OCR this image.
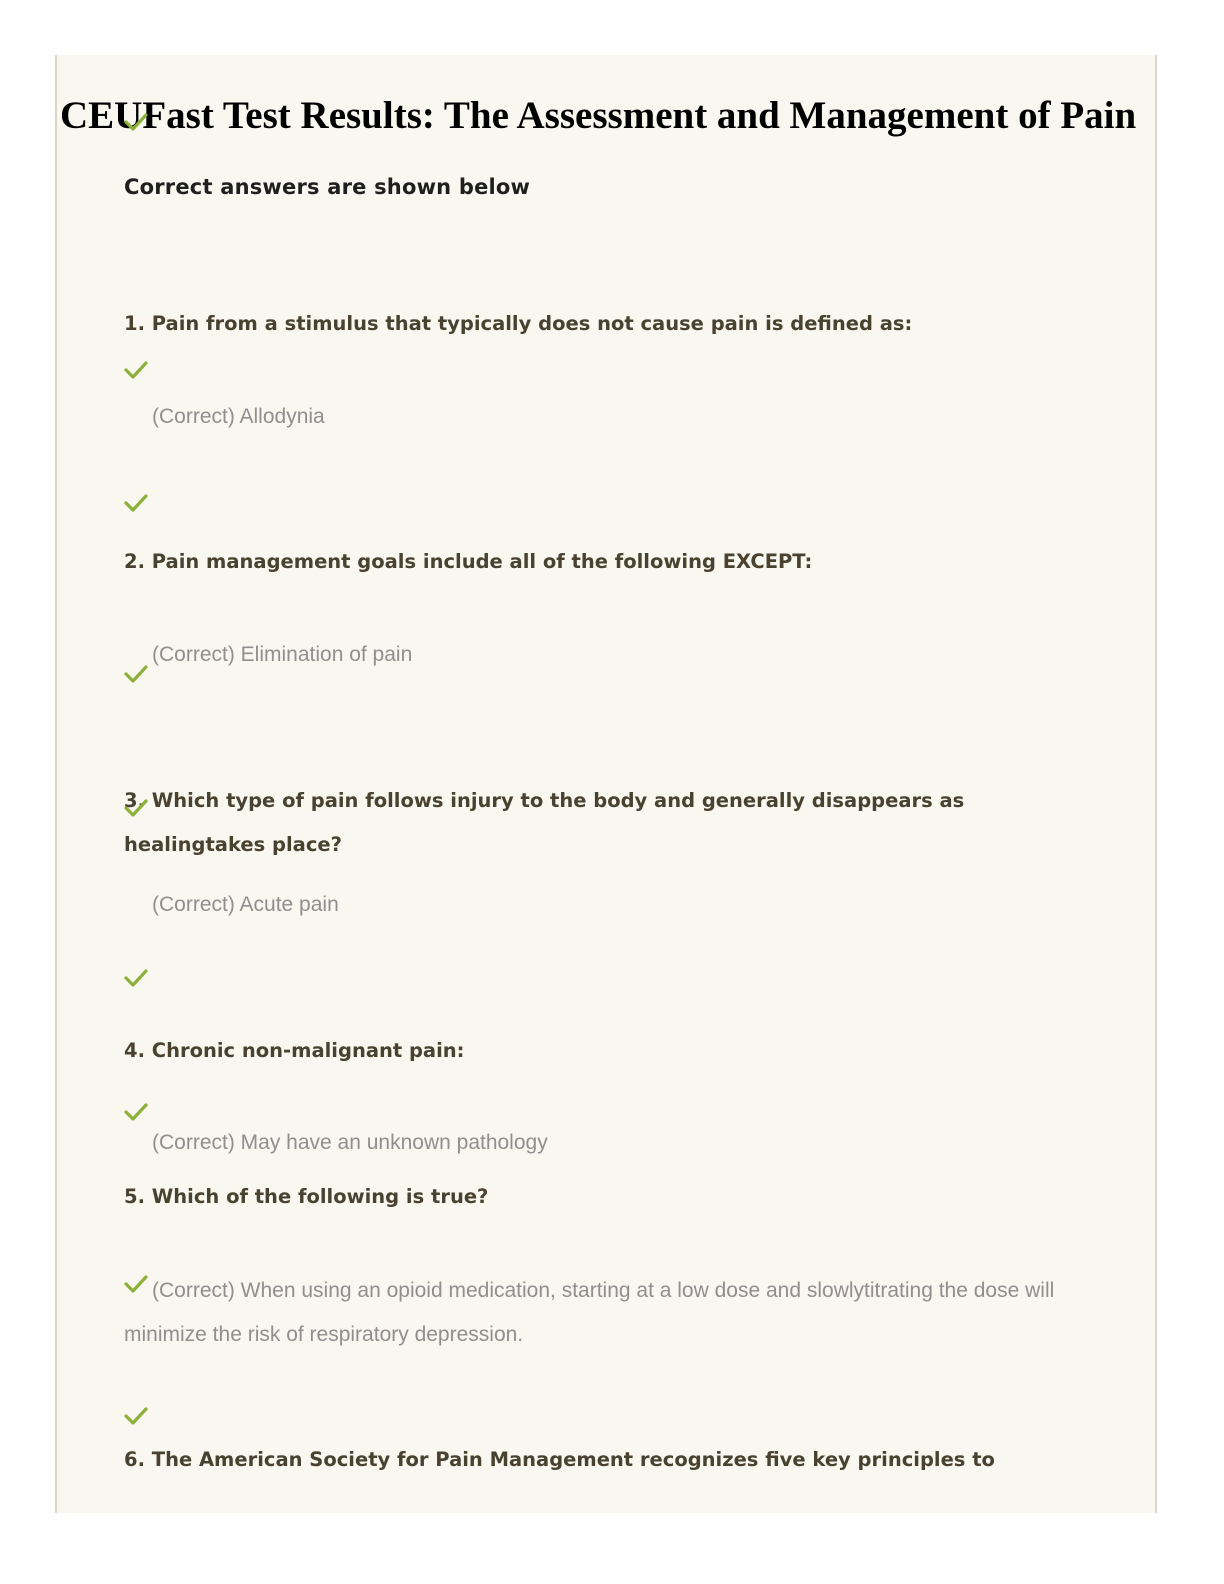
CEUFast Test Results: The Assessment and Management of Pain
Correct answers are shown below
1. Pain from a stimulus that typically does not cause pain is defined as:
(Correct) Allodynia
2. Pain management goals include all of the following EXCEPT:
(Correct) Elimination of pain
3. Which type of pain follows injury to the body and generally disappears as healingtakes place?
(Correct) Acute pain
4. Chronic non-malignant pain:
(Correct) May have an unknown pathology
5. Which of the following is true?
(Correct) When using an opioid medication, starting at a low dose and slowlytitrating the dose will minimize the risk of respiratory depression.
6. The American Society for Pain Management recognizes five key principles to
